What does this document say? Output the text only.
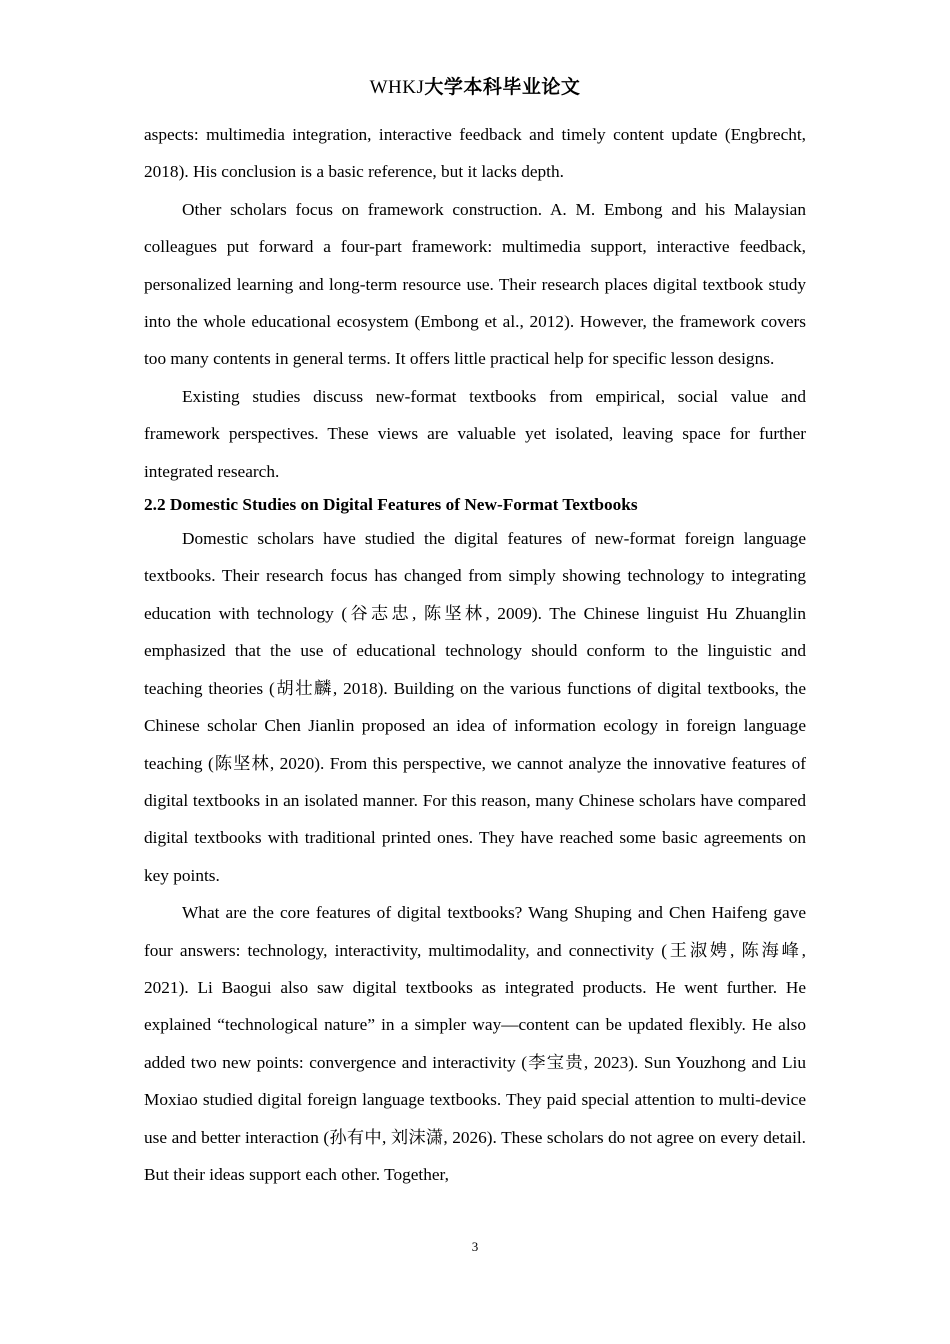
WHKJ大学本科毕业论文

aspects: multimedia integration, interactive feedback and timely content update (Engbrecht, 2018). His conclusion is a basic reference, but it lacks depth.

Other scholars focus on framework construction. A. M. Embong and his Malaysian colleagues put forward a four-part framework: multimedia support, interactive feedback, personalized learning and long-term resource use. Their research places digital textbook study into the whole educational ecosystem (Embong et al., 2012). However, the framework covers too many contents in general terms. It offers little practical help for specific lesson designs.

Existing studies discuss new-format textbooks from empirical, social value and framework perspectives. These views are valuable yet isolated, leaving space for further integrated research.

2.2 Domestic Studies on Digital Features of New-Format Textbooks

Domestic scholars have studied the digital features of new-format foreign language textbooks. Their research focus has changed from simply showing technology to integrating education with technology (谷志忠, 陈坚林, 2009). The Chinese linguist Hu Zhuanglin emphasized that the use of educational technology should conform to the linguistic and teaching theories (胡壮麟, 2018). Building on the various functions of digital textbooks, the Chinese scholar Chen Jianlin proposed an idea of information ecology in foreign language teaching (陈坚林, 2020). From this perspective, we cannot analyze the innovative features of digital textbooks in an isolated manner. For this reason, many Chinese scholars have compared digital textbooks with traditional printed ones. They have reached some basic agreements on key points.

What are the core features of digital textbooks? Wang Shuping and Chen Haifeng gave four answers: technology, interactivity, multimodality, and connectivity (王淑娉, 陈海峰, 2021). Li Baogui also saw digital textbooks as integrated products. He went further. He explained “technological nature” in a simpler way—content can be updated flexibly. He also added two new points: convergence and interactivity (李宝贵, 2023). Sun Youzhong and Liu Moxiao studied digital foreign language textbooks. They paid special attention to multi-device use and better interaction (孙有中, 刘沫潇, 2026). These scholars do not agree on every detail. But their ideas support each other. Together,

3
